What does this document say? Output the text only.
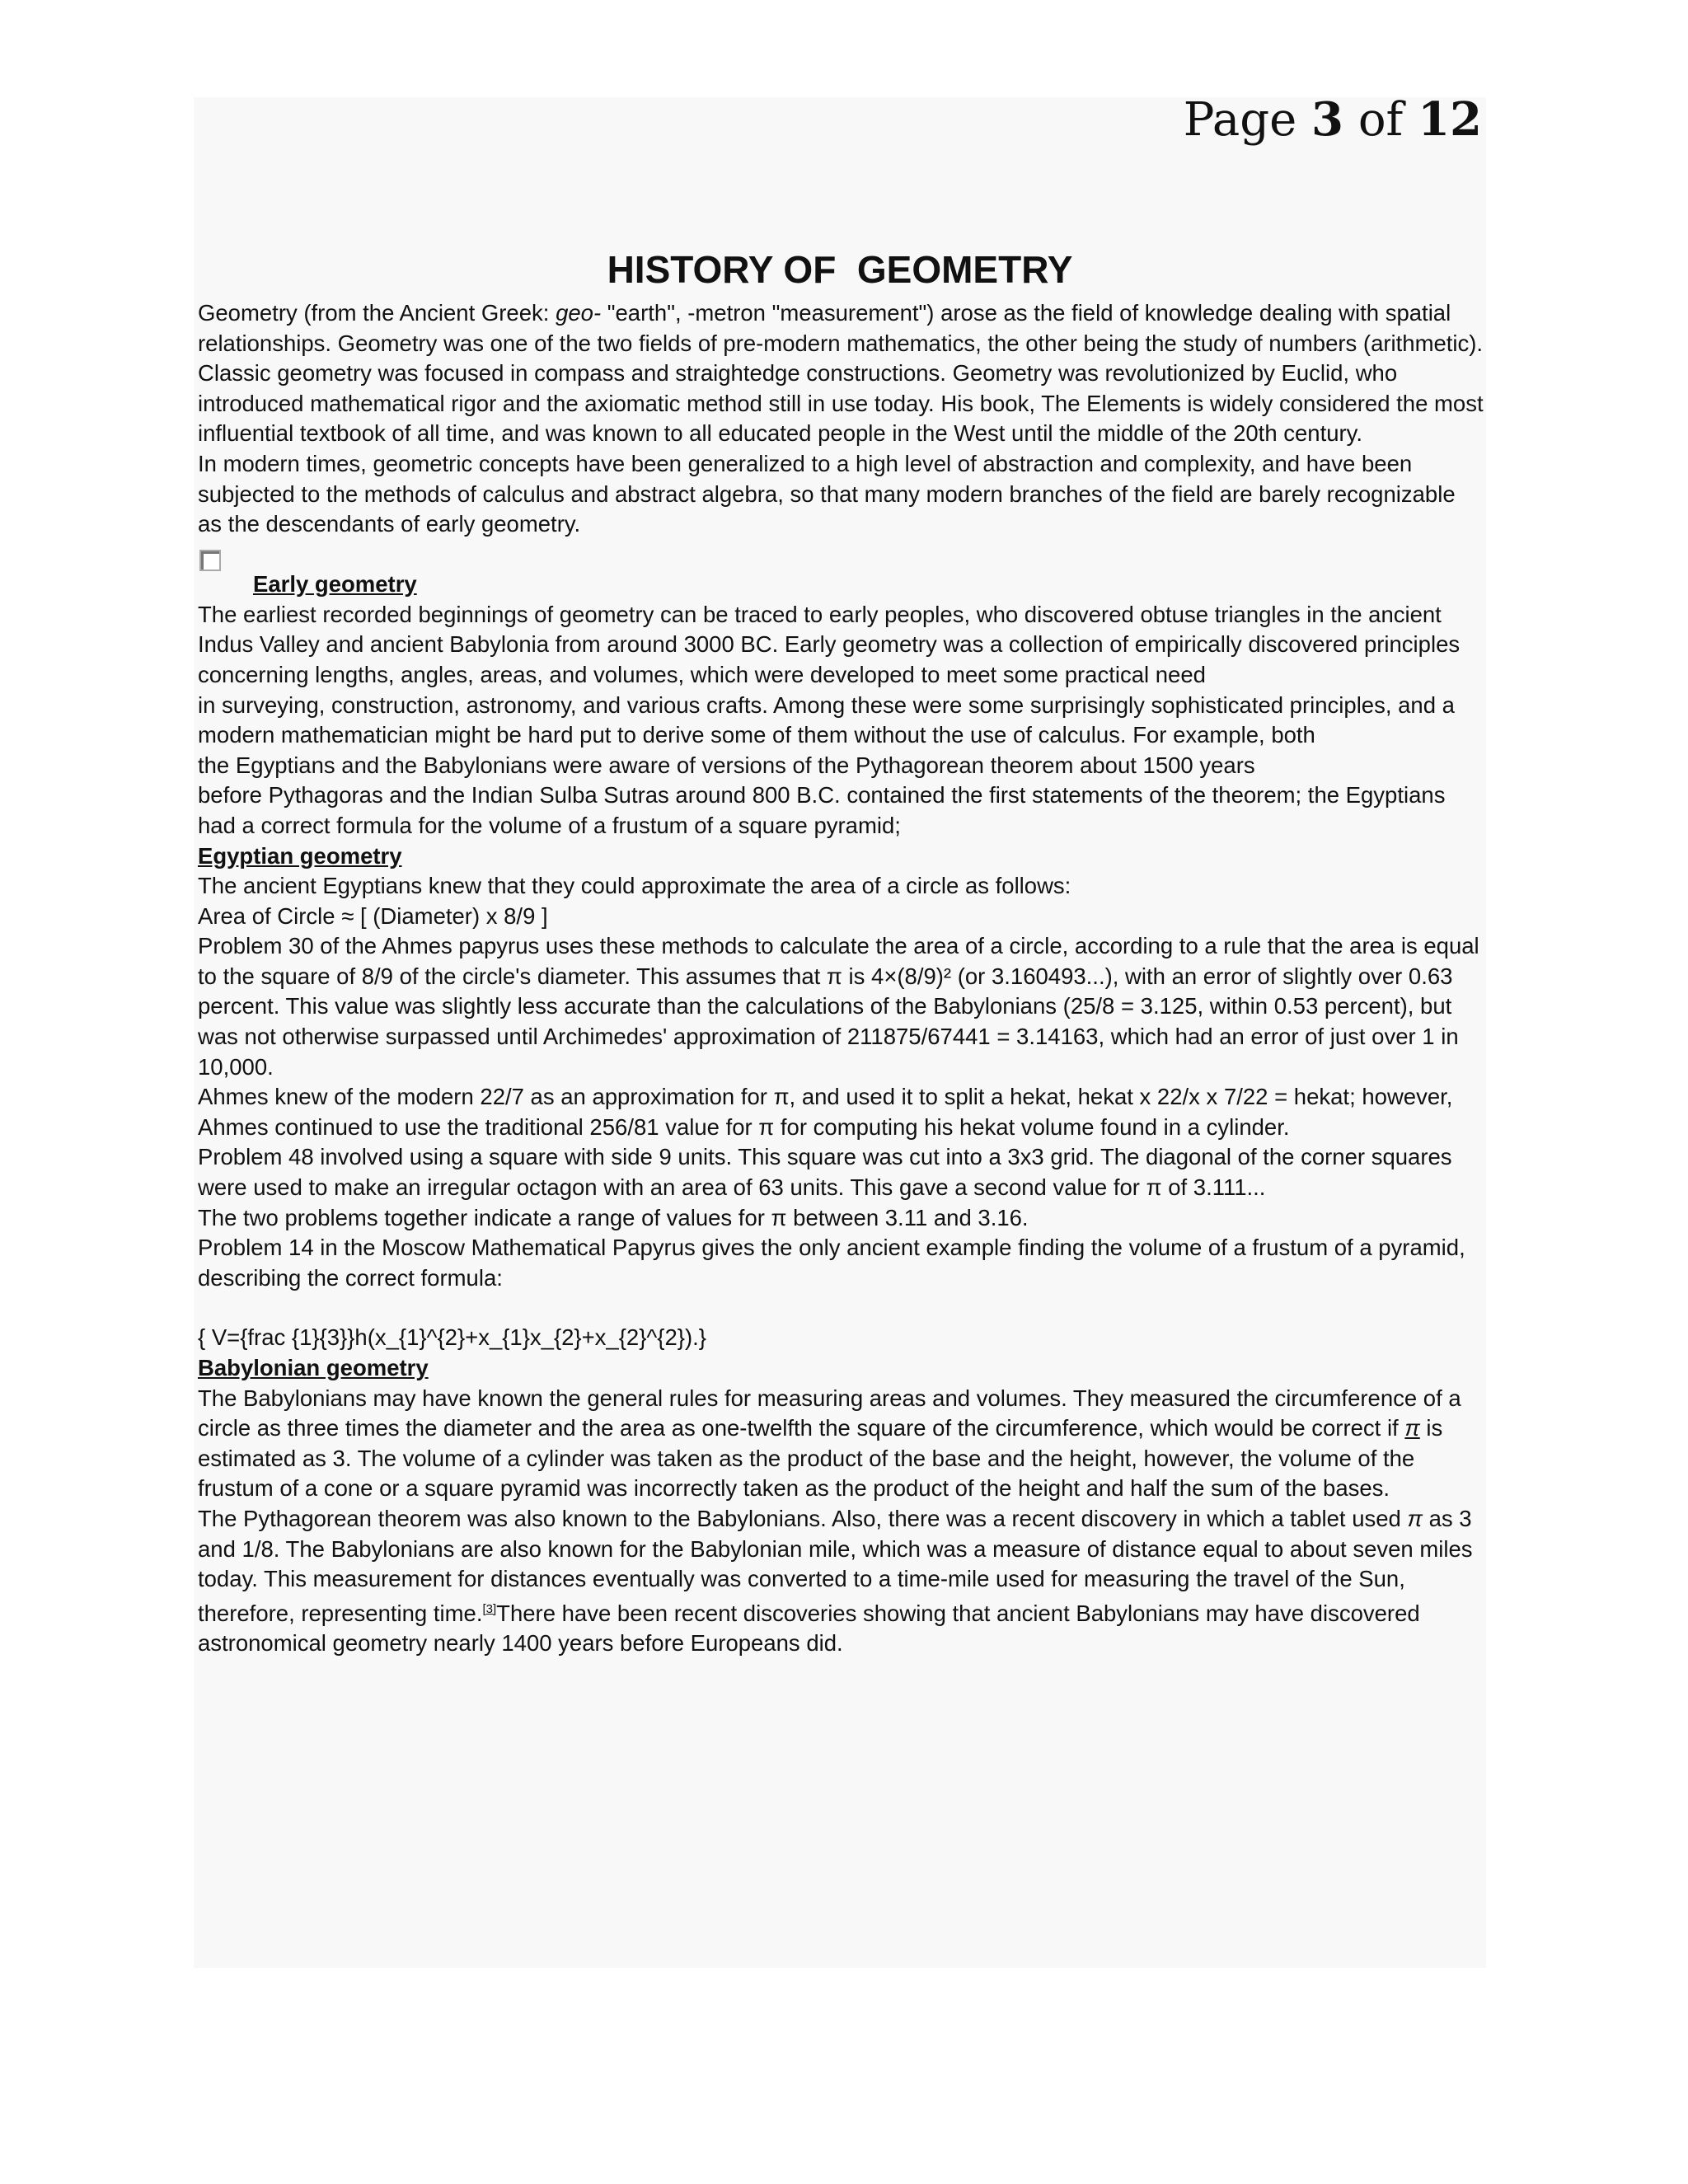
Page 3 of 12
HISTORY OF  GEOMETRY

Geometry (from the Ancient Greek: geo- "earth", -metron "measurement") arose as the field of knowledge dealing with spatial relationships. Geometry was one of the two fields of pre-modern mathematics, the other being the study of numbers (arithmetic).

Classic geometry was focused in compass and straightedge constructions. Geometry was revolutionized by Euclid, who introduced mathematical rigor and the axiomatic method still in use today. His book, The Elements is widely considered the most influential textbook of all time, and was known to all educated people in the West until the middle of the 20th century.

In modern times, geometric concepts have been generalized to a high level of abstraction and complexity, and have been subjected to the methods of calculus and abstract algebra, so that many modern branches of the field are barely recognizable as the descendants of early geometry.

Early geometry

The earliest recorded beginnings of geometry can be traced to early peoples, who discovered obtuse triangles in the ancient Indus Valley and ancient Babylonia from around 3000 BC. Early geometry was a collection of empirically discovered principles concerning lengths, angles, areas, and volumes, which were developed to meet some practical need

in surveying, construction, astronomy, and various crafts. Among these were some surprisingly sophisticated principles, and a modern mathematician might be hard put to derive some of them without the use of calculus. For example, both

the Egyptians and the Babylonians were aware of versions of the Pythagorean theorem about 1500 years

before Pythagoras and the Indian Sulba Sutras around 800 B.C. contained the first statements of the theorem; the Egyptians had a correct formula for the volume of a frustum of a square pyramid;

Egyptian geometry

The ancient Egyptians knew that they could approximate the area of a circle as follows:

Area of Circle ≈ [ (Diameter) x 8/9 ]

Problem 30 of the Ahmes papyrus uses these methods to calculate the area of a circle, according to a rule that the area is equal to the square of 8/9 of the circle's diameter. This assumes that π is 4×(8/9)² (or 3.160493...), with an error of slightly over 0.63 percent. This value was slightly less accurate than the calculations of the Babylonians (25/8 = 3.125, within 0.53 percent), but was not otherwise surpassed until Archimedes' approximation of 211875/67441 = 3.14163, which had an error of just over 1 in 10,000.

Ahmes knew of the modern 22/7 as an approximation for π, and used it to split a hekat, hekat x 22/x x 7/22 = hekat; however, Ahmes continued to use the traditional 256/81 value for π for computing his hekat volume found in a cylinder.

Problem 48 involved using a square with side 9 units. This square was cut into a 3x3 grid. The diagonal of the corner squares were used to make an irregular octagon with an area of 63 units. This gave a second value for π of 3.111...

The two problems together indicate a range of values for π between 3.11 and 3.16.

Problem 14 in the Moscow Mathematical Papyrus gives the only ancient example finding the volume of a frustum of a pyramid, describing the correct formula:

{ V={frac {1}{3}}h(x_{1}^{2}+x_{1}x_{2}+x_{2}^{2}).}

Babylonian geometry

The Babylonians may have known the general rules for measuring areas and volumes. They measured the circumference of a circle as three times the diameter and the area as one-twelfth the square of the circumference, which would be correct if π is estimated as 3. The volume of a cylinder was taken as the product of the base and the height, however, the volume of the frustum of a cone or a square pyramid was incorrectly taken as the product of the height and half the sum of the bases.

The Pythagorean theorem was also known to the Babylonians. Also, there was a recent discovery in which a tablet used π as 3 and 1/8. The Babylonians are also known for the Babylonian mile, which was a measure of distance equal to about seven miles today. This measurement for distances eventually was converted to a time-mile used for measuring the travel of the Sun, therefore, representing time.[3]There have been recent discoveries showing that ancient Babylonians may have discovered astronomical geometry nearly 1400 years before Europeans did.
